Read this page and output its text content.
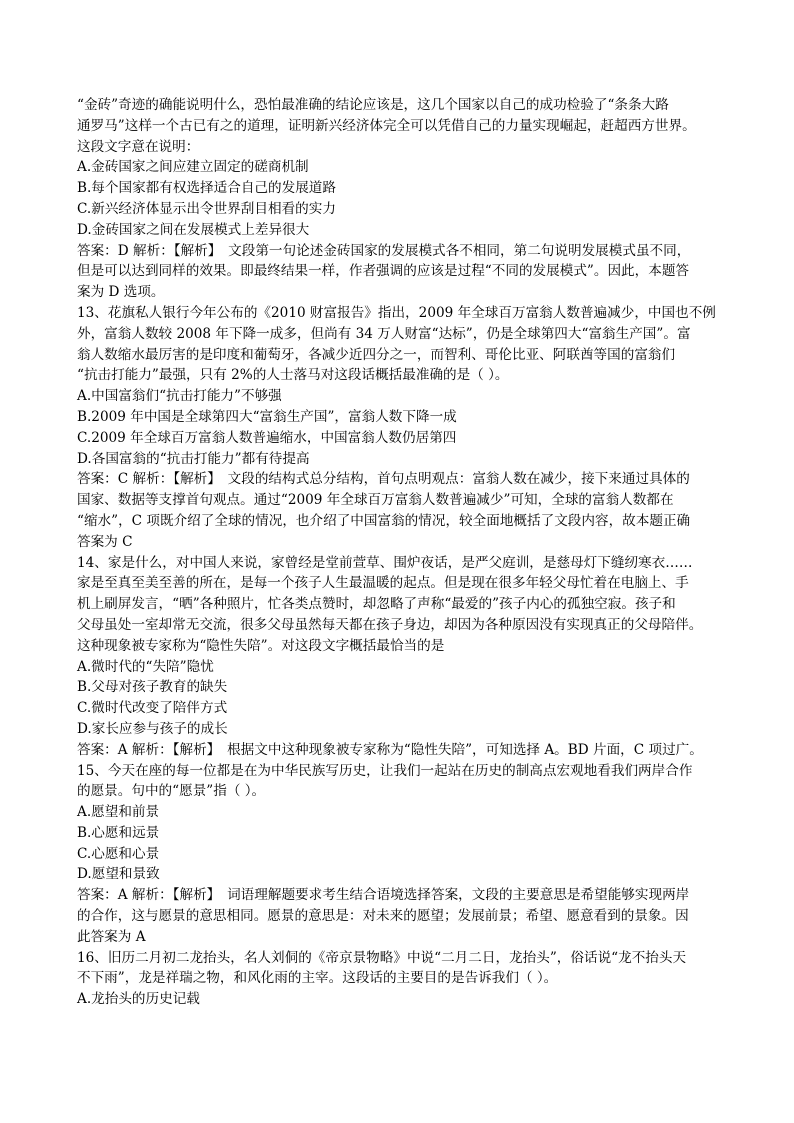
“金砖”奇迹的确能说明什么，恐怕最准确的结论应该是，这几个国家以自己的成功检验了“条条大路
通罗马”这样一个古已有之的道理，证明新兴经济体完全可以凭借自己的力量实现崛起，赶超西方世界。
这段文字意在说明：
A.金砖国家之间应建立固定的磋商机制
B.每个国家都有权选择适合自己的发展道路
C.新兴经济体显示出令世界刮目相看的实力
D.金砖国家之间在发展模式上差异很大
答案：D 解析：【解析】　文段第一句论述金砖国家的发展模式各不相同，第二句说明发展模式虽不同，
但是可以达到同样的效果。即最终结果一样，作者强调的应该是过程“不同的发展模式”。因此，本题答
案为 D 选项。
13、花旗私人银行今年公布的《2010 财富报告》指出，2009 年全球百万富翁人数普遍减少，中国也不例
外，富翁人数较 2008 年下降一成多，但尚有 34 万人财富“达标”，仍是全球第四大“富翁生产国”。富
翁人数缩水最厉害的是印度和葡萄牙，各减少近四分之一，而智利、哥伦比亚、阿联酋等国的富翁们
“抗击打能力”最强，只有 2%的人士落马对这段话概括最准确的是（ ）。
A.中国富翁们“抗击打能力”不够强
B.2009 年中国是全球第四大“富翁生产国”，富翁人数下降一成
C.2009 年全球百万富翁人数普遍缩水，中国富翁人数仍居第四
D.各国富翁的“抗击打能力”都有待提高
答案：C 解析：【解析】　文段的结构式总分结构，首句点明观点：富翁人数在减少，接下来通过具体的
国家、数据等支撑首句观点。通过“2009 年全球百万富翁人数普遍减少”可知，全球的富翁人数都在
“缩水”，C 项既介绍了全球的情况，也介绍了中国富翁的情况，较全面地概括了文段内容，故本题正确
答案为 C
14、家是什么，对中国人来说，家曾经是堂前萱草、围炉夜话，是严父庭训，是慈母灯下缝纫寒衣……
家是至真至美至善的所在，是每一个孩子人生最温暖的起点。但是现在很多年轻父母忙着在电脑上、手
机上刷屏发言，“晒”各种照片，忙各类点赞时，却忽略了声称“最爱的”孩子内心的孤独空寂。孩子和
父母虽处一室却常无交流，很多父母虽然每天都在孩子身边，却因为各种原因没有实现真正的父母陪伴。
这种现象被专家称为“隐性失陪”。对这段文字概括最恰当的是
A.微时代的“失陪”隐忧
B.父母对孩子教育的缺失
C.微时代改变了陪伴方式
D.家长应参与孩子的成长
答案：A 解析：【解析】　根据文中这种现象被专家称为“隐性失陪”，可知选择 A。BD 片面，C 项过广。
15、今天在座的每一位都是在为中华民族写历史，让我们一起站在历史的制高点宏观地看我们两岸合作
的愿景。句中的“愿景”指（ ）。
A.愿望和前景
B.心愿和远景
C.心愿和心景
D.愿望和景致
答案：A 解析：【解析】　词语理解题要求考生结合语境选择答案，文段的主要意思是希望能够实现两岸
的合作，这与愿景的意思相同。愿景的意思是：对未来的愿望；发展前景；希望、愿意看到的景象。因
此答案为 A
16、旧历二月初二龙抬头，名人刘侗的《帝京景物略》中说“二月二日，龙抬头”，俗话说“龙不抬头天
不下雨”，龙是祥瑞之物，和风化雨的主宰。这段话的主要目的是告诉我们（ ）。
A.龙抬头的历史记载
